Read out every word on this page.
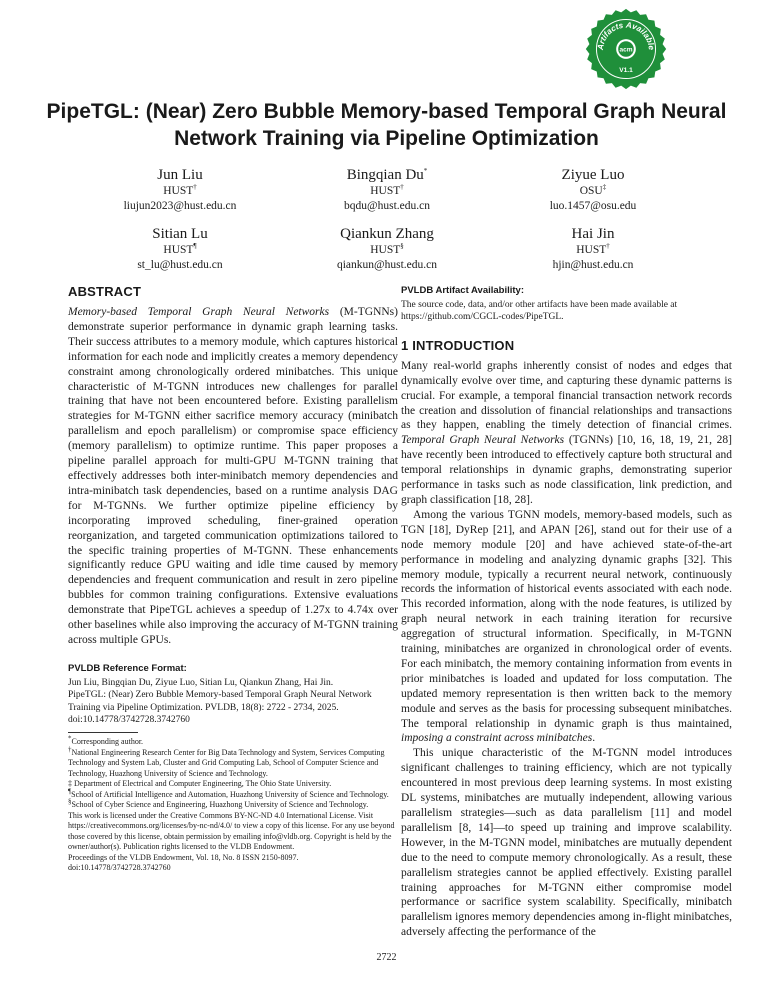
Artifacts Available
acm
V1.1
PipeTGL: (Near) Zero Bubble Memory-based Temporal Graph Neural Network Training via Pipeline Optimization
Jun Liu
HUST†
liujun2023@hust.edu.cn
Bingqian Du*
HUST†
bqdu@hust.edu.cn
Ziyue Luo
OSU‡
luo.1457@osu.edu
Sitian Lu
HUST¶
st_lu@hust.edu.cn
Qiankun Zhang
HUST§
qiankun@hust.edu.cn
Hai Jin
HUST†
hjin@hust.edu.cn
ABSTRACT

Memory-based Temporal Graph Neural Networks (M-TGNNs) demonstrate superior performance in dynamic graph learning tasks. Their success attributes to a memory module, which captures historical information for each node and implicitly creates a memory dependency constraint among chronologically ordered minibatches. This unique characteristic of M-TGNN introduces new challenges for parallel training that have not been encountered before. Existing parallelism strategies for M-TGNN either sacrifice memory accuracy (minibatch parallelism and epoch parallelism) or compromise space efficiency (memory parallelism) to optimize runtime. This paper proposes a pipeline parallel approach for multi-GPU M-TGNN training that effectively addresses both inter-minibatch memory dependencies and intra-minibatch task dependencies, based on a runtime analysis DAG for M-TGNNs. We further optimize pipeline efficiency by incorporating improved scheduling, finer-grained operation reorganization, and targeted communication optimizations tailored to the specific training properties of M-TGNN. These enhancements significantly reduce GPU waiting and idle time caused by memory dependencies and frequent communication and result in zero pipeline bubbles for common training configurations. Extensive evaluations demonstrate that PipeTGL achieves a speedup of 1.27x to 4.74x over other baselines while also improving the accuracy of M-TGNN training across multiple GPUs.

PVLDB Reference Format:
Jun Liu, Bingqian Du, Ziyue Luo, Sitian Lu, Qiankun Zhang, Hai Jin.
PipeTGL: (Near) Zero Bubble Memory-based Temporal Graph Neural Network Training via Pipeline Optimization. PVLDB, 18(8): 2722 - 2734, 2025.
doi:10.14778/3742728.3742760
*Corresponding author.
†National Engineering Research Center for Big Data Technology and System, Services Computing Technology and System Lab, Cluster and Grid Computing Lab, School of Computer Science and Technology, Huazhong University of Science and Technology.
‡ Department of Electrical and Computer Engineering, The Ohio State University.
¶School of Artificial Intelligence and Automation, Huazhong University of Science and Technology.
§School of Cyber Science and Engineering, Huazhong University of Science and Technology.
This work is licensed under the Creative Commons BY-NC-ND 4.0 International License. Visit https://creativecommons.org/licenses/by-nc-nd/4.0/ to view a copy of this license. For any use beyond those covered by this license, obtain permission by emailing info@vldb.org. Copyright is held by the owner/author(s). Publication rights licensed to the VLDB Endowment.
Proceedings of the VLDB Endowment, Vol. 18, No. 8 ISSN 2150-8097.
doi:10.14778/3742728.3742760
PVLDB Artifact Availability:
The source code, data, and/or other artifacts have been made available at https://github.com/CGCL-codes/PipeTGL.
1 INTRODUCTION

Many real-world graphs inherently consist of nodes and edges that dynamically evolve over time, and capturing these dynamic patterns is crucial. For example, a temporal financial transaction network records the creation and dissolution of financial relationships and transactions as they happen, enabling the timely detection of financial crimes. Temporal Graph Neural Networks (TGNNs) [10, 16, 18, 19, 21, 28] have recently been introduced to effectively capture both structural and temporal relationships in dynamic graphs, demonstrating superior performance in tasks such as node classification, link prediction, and graph classification [18, 28].

Among the various TGNN models, memory-based models, such as TGN [18], DyRep [21], and APAN [26], stand out for their use of a node memory module [20] and have achieved state-of-the-art performance in modeling and analyzing dynamic graphs [32]. This memory module, typically a recurrent neural network, continuously records the information of historical events associated with each node. This recorded information, along with the node features, is utilized by graph neural network in each training iteration for recursive aggregation of structural information. Specifically, in M-TGNN training, minibatches are organized in chronological order of events. For each minibatch, the memory containing information from events in prior minibatches is loaded and updated for loss computation. The updated memory representation is then written back to the memory module and serves as the basis for processing subsequent minibatches. The temporal relationship in dynamic graph is thus maintained, imposing a constraint across minibatches.

This unique characteristic of the M-TGNN model introduces significant challenges to training efficiency, which are not typically encountered in most previous deep learning systems. In most existing DL systems, minibatches are mutually independent, allowing various parallelism strategies—such as data parallelism [11] and model parallelism [8, 14]—to speed up training and improve scalability. However, in the M-TGNN model, minibatches are mutually dependent due to the need to compute memory chronologically. As a result, these parallelism strategies cannot be applied effectively. Existing parallel training approaches for M-TGNN either compromise model performance or sacrifice system scalability. Specifically, minibatch parallelism ignores memory dependencies among in-flight minibatches, adversely affecting the performance of the

2722
